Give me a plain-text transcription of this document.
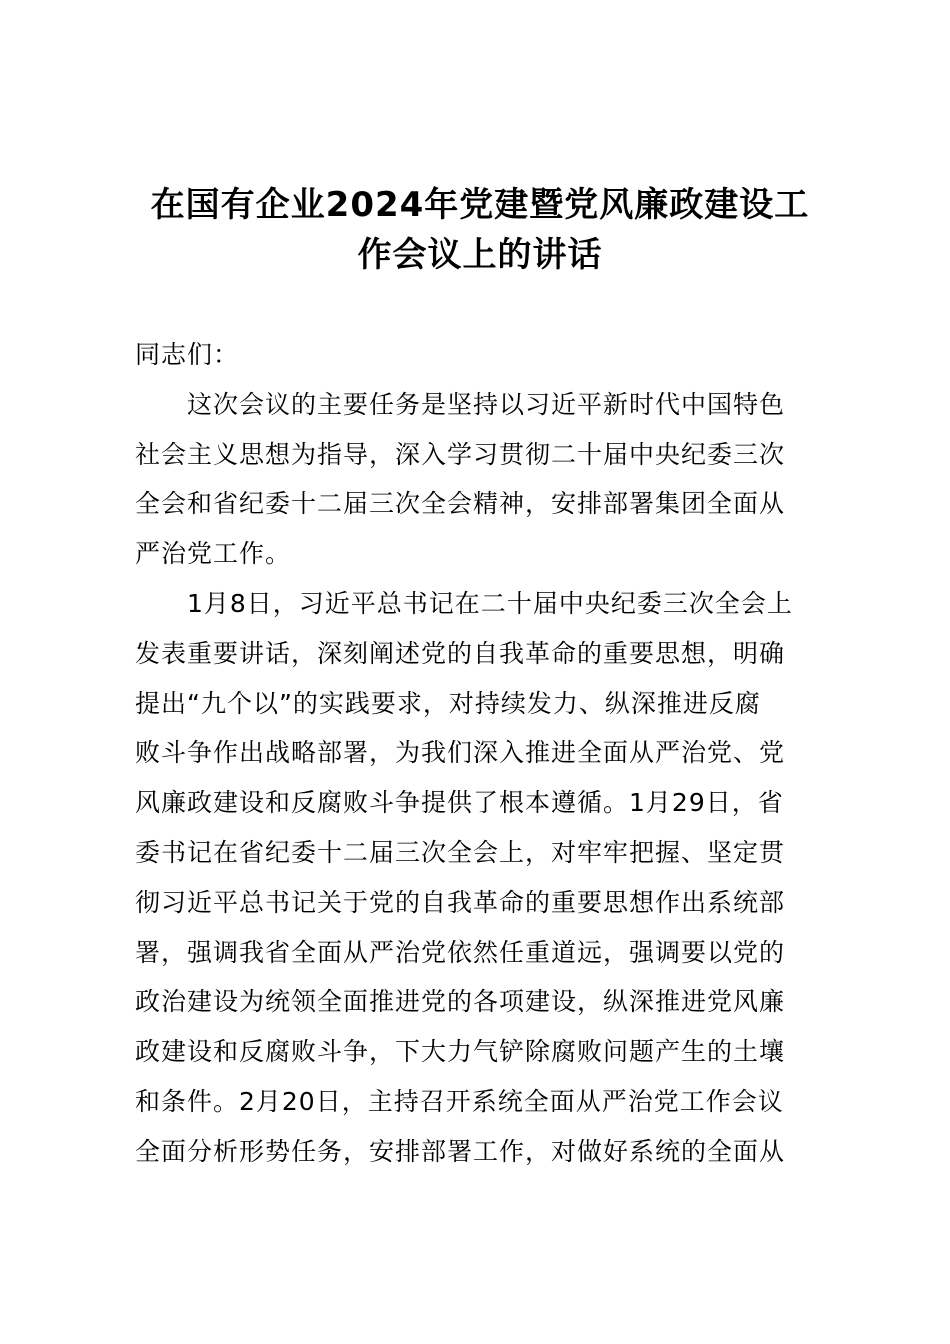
在国有企业2024年党建暨党风廉政建设工
作会议上的讲话
同志们：
这次会议的主要任务是坚持以习近平新时代中国特色
社会主义思想为指导，深入学习贯彻二十届中央纪委三次
全会和省纪委十二届三次全会精神，安排部署集团全面从
严治党工作。
1月8日，习近平总书记在二十届中央纪委三次全会上
发表重要讲话，深刻阐述党的自我革命的重要思想，明确
提出“九个以”的实践要求，对持续发力、纵深推进反腐
败斗争作出战略部署，为我们深入推进全面从严治党、党
风廉政建设和反腐败斗争提供了根本遵循。1月29日，省
委书记在省纪委十二届三次全会上，对牢牢把握、坚定贯
彻习近平总书记关于党的自我革命的重要思想作出系统部
署，强调我省全面从严治党依然任重道远，强调要以党的
政治建设为统领全面推进党的各项建设，纵深推进党风廉
政建设和反腐败斗争，下大力气铲除腐败问题产生的土壤
和条件。2月20日，主持召开系统全面从严治党工作会议
全面分析形势任务，安排部署工作，对做好系统的全面从
